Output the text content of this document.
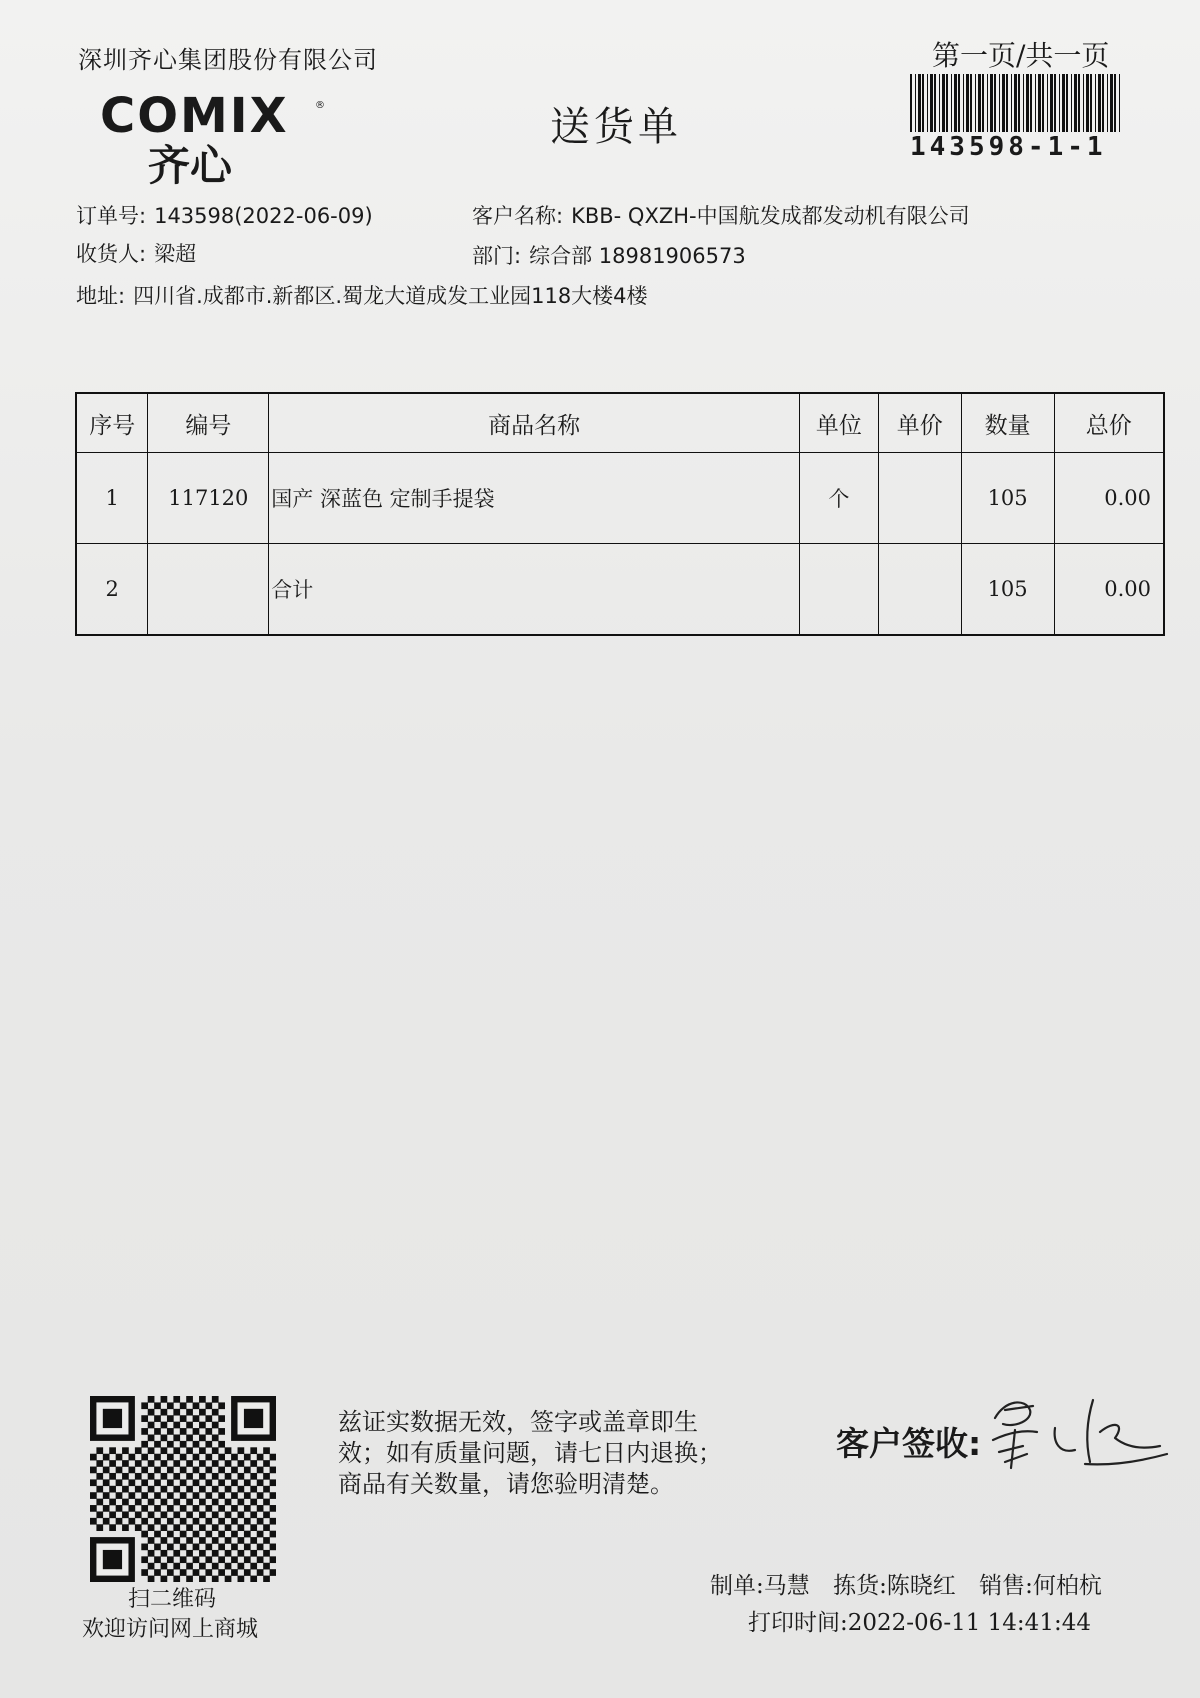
深圳齐心集团股份有限公司	第一页/共一页
送货单
COMIX	®
齐心	143598-1-1
订单号: 143598(2022-06-09)	客户名称: KBB- QXZH-中国航发成都发动机有限公司
收货人: 梁超	部门: 综合部 18981906573
地址: 四川省.成都市.新都区.蜀龙大道成发工业园118大楼4楼
序号	编号	商品名称	单位	单价	数量	总价
1	117120	国产 深蓝色 定制手提袋	个		105	0.00
2		合计			105	0.00
扫二维码
欢迎访问网上商城
兹证实数据无效，签字或盖章即生效；如有质量问题，请七日内退换；商品有关数量，请您验明清楚。
客户签收:
制单:马慧 拣货:陈晓红 销售:何柏杭
打印时间:2022-06-11 14:41:44
